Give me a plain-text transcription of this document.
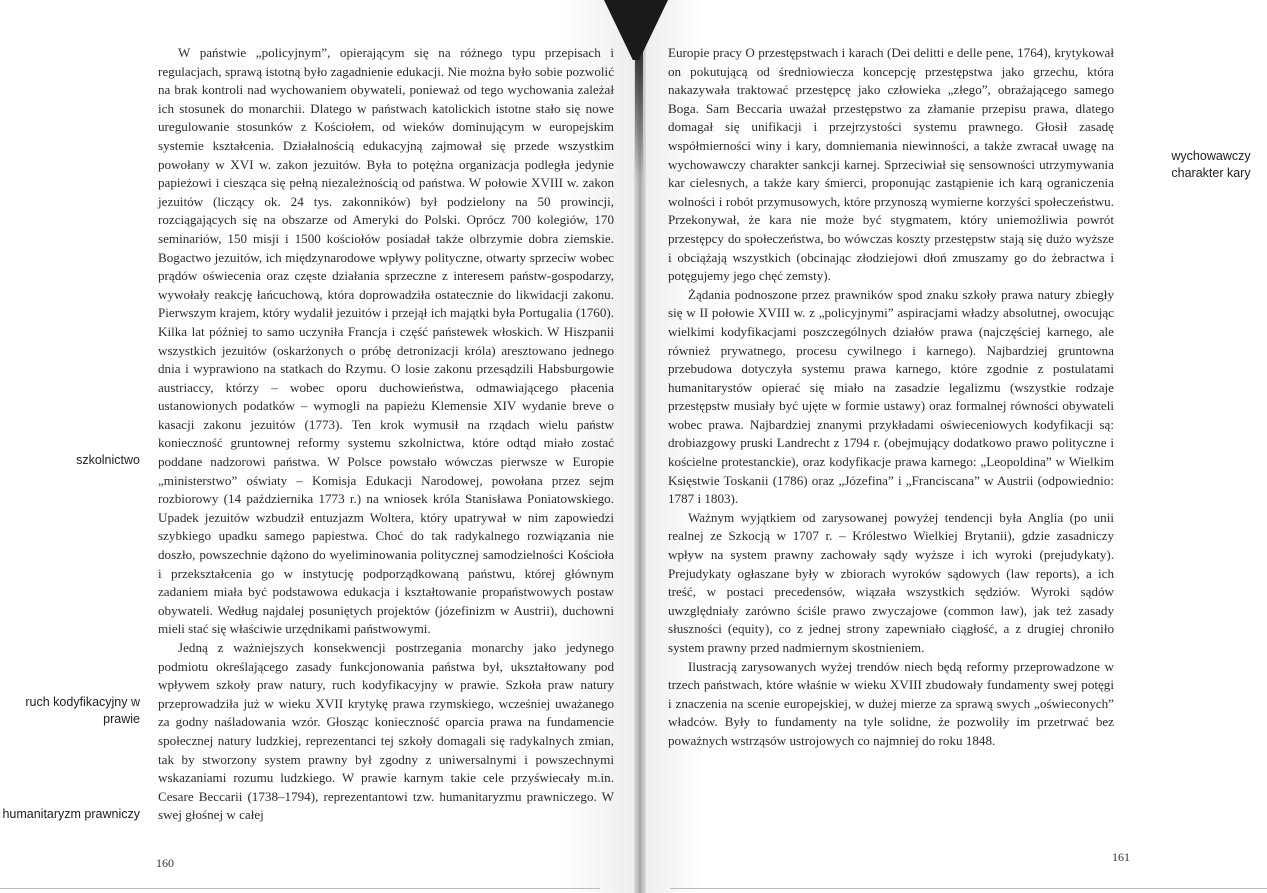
W państwie „policyjnym”, opierającym się na różnego typu przepisach i regulacjach, sprawą istotną było zagadnienie edukacji. Nie można było sobie pozwolić na brak kontroli nad wychowaniem obywateli, ponieważ od tego wychowania zależał ich stosunek do monarchii. Dlatego w państwach katolickich istotne stało się nowe uregulowanie stosunków z Kościołem, od wieków dominującym w europejskim systemie kształcenia. Działalnością edukacyjną zajmował się przede wszystkim powołany w XVI w. zakon jezuitów. Była to potężna organizacja podległa jedynie papieżowi i ciesząca się pełną niezależnością od państwa. W połowie XVIII w. zakon jezuitów (liczący ok. 24 tys. zakonników) był podzielony na 50 prowincji, rozciągających się na obszarze od Ameryki do Polski. Oprócz 700 kolegiów, 170 seminariów, 150 misji i 1500 kościołów posiadał także olbrzymie dobra ziemskie. Bogactwo jezuitów, ich międzynarodowe wpływy polityczne, otwarty sprzeciw wobec prądów oświecenia oraz częste działania sprzeczne z interesem państw-gospodarzy, wywołały reakcję łańcuchową, która doprowadziła ostatecznie do likwidacji zakonu. Pierwszym krajem, który wydalił jezuitów i przejął ich majątki była Portugalia (1760). Kilka lat później to samo uczyniła Francja i część państewek włoskich. W Hiszpanii wszystkich jezuitów (oskarżonych o próbę detronizacji króla) aresztowano jednego dnia i wyprawiono na statkach do Rzymu. O losie zakonu przesądzili Habsburgowie austriaccy, którzy – wobec oporu duchowieństwa, odmawiającego płacenia ustanowionych podatków – wymogli na papieżu Klemensie XIV wydanie breve o kasacji zakonu jezuitów (1773). Ten krok wymusił na rządach wielu państw konieczność gruntownej reformy systemu szkolnictwa, które odtąd miało zostać poddane nadzorowi państwa. W Polsce powstało wówczas pierwsze w Europie „ministerstwo” oświaty – Komisja Edukacji Narodowej, powołana przez sejm rozbiorowy (14 października 1773 r.) na wniosek króla Stanisława Poniatowskiego. Upadek jezuitów wzbudził entuzjazm Woltera, który upatrywał w nim zapowiedzi szybkiego upadku samego papiestwa. Choć do tak radykalnego rozwiązania nie doszło, powszechnie dążono do wyeliminowania politycznej samodzielności Kościoła i przekształcenia go w instytucję podporządkowaną państwu, której głównym zadaniem miała być podstawowa edukacja i kształtowanie propaństwowych postaw obywateli. Według najdalej posuniętych projektów (józefinizm w Austrii), duchowni mieli stać się właściwie urzędnikami państwowymi.

Jedną z ważniejszych konsekwencji postrzegania monarchy jako jedynego podmiotu określającego zasady funkcjonowania państwa był, ukształtowany pod wpływem szkoły praw natury, ruch kodyfikacyjny w prawie. Szkoła praw natury przeprowadziła już w wieku XVII krytykę prawa rzymskiego, wcześniej uważanego za godny naśladowania wzór. Głosząc konieczność oparcia prawa na fundamencie społecznej natury ludzkiej, reprezentanci tej szkoły domagali się radykalnych zmian, tak by stworzony system prawny był zgodny z uniwersalnymi i powszechnymi wskazaniami rozumu ludzkiego. W prawie karnym takie cele przyświecały m.in. Cesare Beccarii (1738–1794), reprezentantowi tzw. humanitaryzmu prawniczego. W swej głośnej w całej

szkolnictwo
ruch kodyfikacyjny w prawie
humanitaryzm prawniczy
160

Europie pracy O przestępstwach i karach (Dei delitti e delle pene, 1764), krytykował on pokutującą od średniowiecza koncepcję przestępstwa jako grzechu, która nakazywała traktować przestępcę jako człowieka „złego”, obrażającego samego Boga. Sam Beccaria uważał przestępstwo za złamanie przepisu prawa, dlatego domagał się unifikacji i przejrzystości systemu prawnego. Głosił zasadę współmierności winy i kary, domniemania niewinności, a także zwracał uwagę na wychowawczy charakter sankcji karnej. Sprzeciwiał się sensowności utrzymywania kar cielesnych, a także kary śmierci, proponując zastąpienie ich karą ograniczenia wolności i robót przymusowych, które przynoszą wymierne korzyści społeczeństwu. Przekonywał, że kara nie może być stygmatem, który uniemożliwia powrót przestępcy do społeczeństwa, bo wówczas koszty przestępstw stają się dużo wyższe i obciążają wszystkich (obcinając złodziejowi dłoń zmuszamy go do żebractwa i potęgujemy jego chęć zemsty).

Żądania podnoszone przez prawników spod znaku szkoły prawa natury zbiegły się w II połowie XVIII w. z „policyjnymi” aspiracjami władzy absolutnej, owocując wielkimi kodyfikacjami poszczególnych działów prawa (najczęściej karnego, ale również prywatnego, procesu cywilnego i karnego). Najbardziej gruntowna przebudowa dotyczyła systemu prawa karnego, które zgodnie z postulatami humanitarystów opierać się miało na zasadzie legalizmu (wszystkie rodzaje przestępstw musiały być ujęte w formie ustawy) oraz formalnej równości obywateli wobec prawa. Najbardziej znanymi przykładami oświeceniowych kodyfikacji są: drobiazgowy pruski Landrecht z 1794 r. (obejmujący dodatkowo prawo polityczne i kościelne protestanckie), oraz kodyfikacje prawa karnego: „Leopoldina” w Wielkim Księstwie Toskanii (1786) oraz „Józefina” i „Franciscana” w Austrii (odpowiednio: 1787 i 1803).

Ważnym wyjątkiem od zarysowanej powyżej tendencji była Anglia (po unii realnej ze Szkocją w 1707 r. – Królestwo Wielkiej Brytanii), gdzie zasadniczy wpływ na system prawny zachowały sądy wyższe i ich wyroki (prejudykaty). Prejudykaty ogłaszane były w zbiorach wyroków sądowych (law reports), a ich treść, w postaci precedensów, wiązała wszystkich sędziów. Wyroki sądów uwzględniały zarówno ściśle prawo zwyczajowe (common law), jak też zasady słuszności (equity), co z jednej strony zapewniało ciągłość, a z drugiej chroniło system prawny przed nadmiernym skostnieniem.

Ilustracją zarysowanych wyżej trendów niech będą reformy przeprowadzone w trzech państwach, które właśnie w wieku XVIII zbudowały fundamenty swej potęgi i znaczenia na scenie europejskiej, w dużej mierze za sprawą swych „oświeconych” władców. Były to fundamenty na tyle solidne, że pozwoliły im przetrwać bez poważnych wstrząsów ustrojowych co najmniej do roku 1848.

wychowawczy charakter kary
161
